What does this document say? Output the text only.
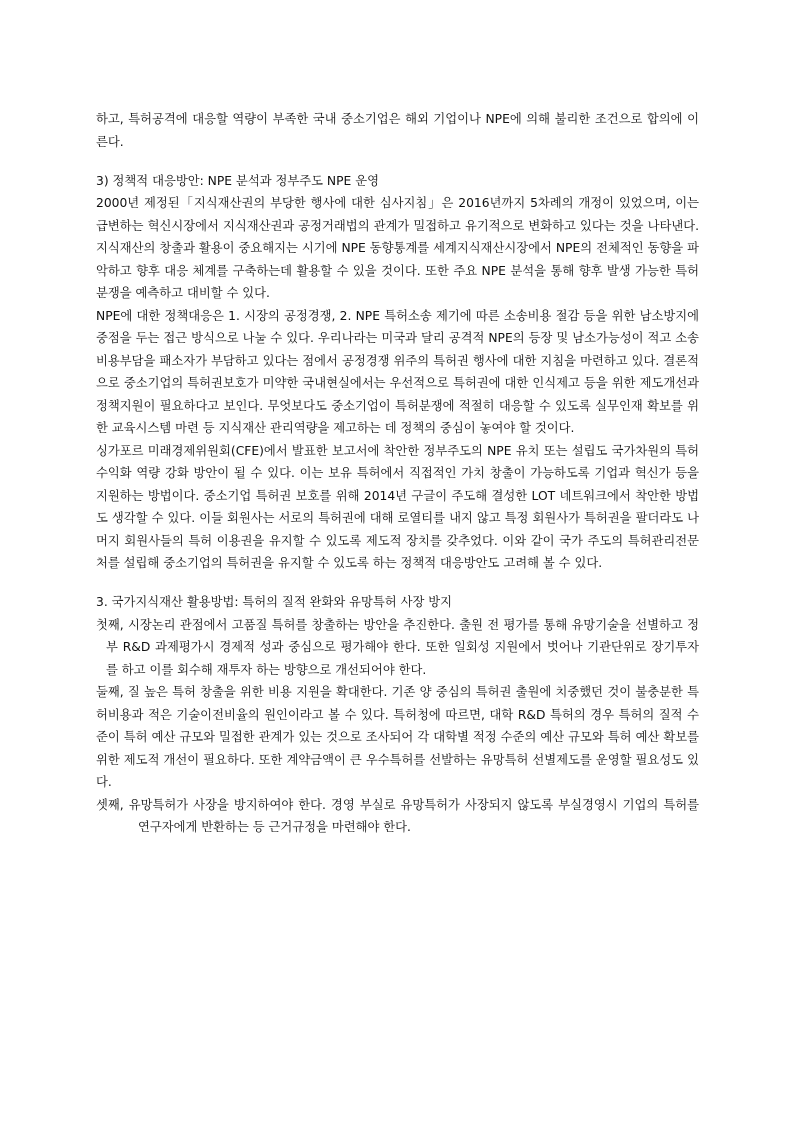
하고, 특허공격에 대응할 역량이 부족한 국내 중소기업은 해외 기업이나 NPE에 의해 불리한 조건으로 합의에 이른다.

3) 정책적 대응방안: NPE 분석과 정부주도 NPE 운영

2000년 제정된「지식재산권의 부당한 행사에 대한 심사지침」은 2016년까지 5차례의 개정이 있었으며, 이는 급변하는 혁신시장에서 지식재산권과 공정거래법의 관계가 밀접하고 유기적으로 변화하고 있다는 것을 나타낸다. 지식재산의 창출과 활용이 중요해지는 시기에 NPE 동향통계를 세계지식재산시장에서 NPE의 전체적인 동향을 파악하고 향후 대응 체계를 구축하는데 활용할 수 있을 것이다. 또한 주요 NPE 분석을 통해 향후 발생 가능한 특허 분쟁을 예측하고 대비할 수 있다.

NPE에 대한 정책대응은 1. 시장의 공정경쟁, 2. NPE 특허소송 제기에 따른 소송비용 절감 등을 위한 남소방지에 중점을 두는 접근 방식으로 나눌 수 있다. 우리나라는 미국과 달리 공격적 NPE의 등장 및 남소가능성이 적고 소송비용부담을 패소자가 부담하고 있다는 점에서 공정경쟁 위주의 특허권 행사에 대한 지침을 마련하고 있다. 결론적으로 중소기업의 특허권보호가 미약한 국내현실에서는 우선적으로 특허권에 대한 인식제고 등을 위한 제도개선과 정책지원이 필요하다고 보인다. 무엇보다도 중소기업이 특허분쟁에 적절히 대응할 수 있도록 실무인재 확보를 위한 교육시스템 마련 등 지식재산 관리역량을 제고하는 데 정책의 중심이 놓여야 할 것이다.

싱가포르 미래경제위원회(CFE)에서 발표한 보고서에 착안한 정부주도의 NPE 유치 또는 설립도 국가차원의 특허수익화 역량 강화 방안이 될 수 있다. 이는 보유 특허에서 직접적인 가치 창출이 가능하도록 기업과 혁신가 등을 지원하는 방법이다. 중소기업 특허권 보호를 위해 2014년 구글이 주도해 결성한 LOT 네트워크에서 착안한 방법도 생각할 수 있다. 이들 회원사는 서로의 특허권에 대해 로열티를 내지 않고 특정 회원사가 특허권을 팔더라도 나머지 회원사들의 특허 이용권을 유지할 수 있도록 제도적 장치를 갖추었다. 이와 같이 국가 주도의 특허관리전문처를 설립해 중소기업의 특허권을 유지할 수 있도록 하는 정책적 대응방안도 고려해 볼 수 있다.

3. 국가지식재산 활용방법: 특허의 질적 완화와 유망특허 사장 방지

첫째, 시장논리 관점에서 고품질 특허를 창출하는 방안을 추진한다. 출원 전 평가를 통해 유망기술을 선별하고 정부 R&D 과제평가시 경제적 성과 중심으로 평가해야 한다. 또한 일회성 지원에서 벗어나 기관단위로 장기투자를 하고 이를 회수해 재투자 하는 방향으로 개선되어야 한다.

둘째, 질 높은 특허 창출을 위한 비용 지원을 확대한다. 기존 양 중심의 특허권 출원에 치중했던 것이 불충분한 특허비용과 적은 기술이전비율의 원인이라고 볼 수 있다. 특허청에 따르면, 대학 R&D 특허의 경우 특허의 질적 수준이 특허 예산 규모와 밀접한 관계가 있는 것으로 조사되어 각 대학별 적정 수준의 예산 규모와 특허 예산 확보를 위한 제도적 개선이 필요하다. 또한 계약금액이 큰 우수특허를 선발하는 유망특허 선별제도를 운영할 필요성도 있다.

셋째, 유망특허가 사장을 방지하여야 한다. 경영 부실로 유망특허가 사장되지 않도록 부실경영시 기업의 특허를 연구자에게 반환하는 등 근거규정을 마련해야 한다.
